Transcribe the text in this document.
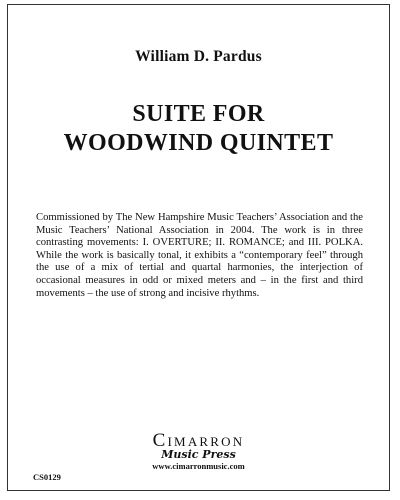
William D. Pardus
SUITE FOR
WOODWIND QUINTET
Commissioned by The New Hampshire Music Teachers’ Association and the Music Teachers’ National Association in 2004. The work is in three contrasting movements: I. OVERTURE; II. ROMANCE; and III. POLKA. While the work is basically tonal, it exhibits a “contemporary feel” through the use of a mix of tertial and quartal harmonies, the interjection of occasional measures in odd or mixed meters and – in the first and third movements – the use of strong and incisive rhythms.
Cimarron
Music Press
www.cimarronmusic.com
CS0129
